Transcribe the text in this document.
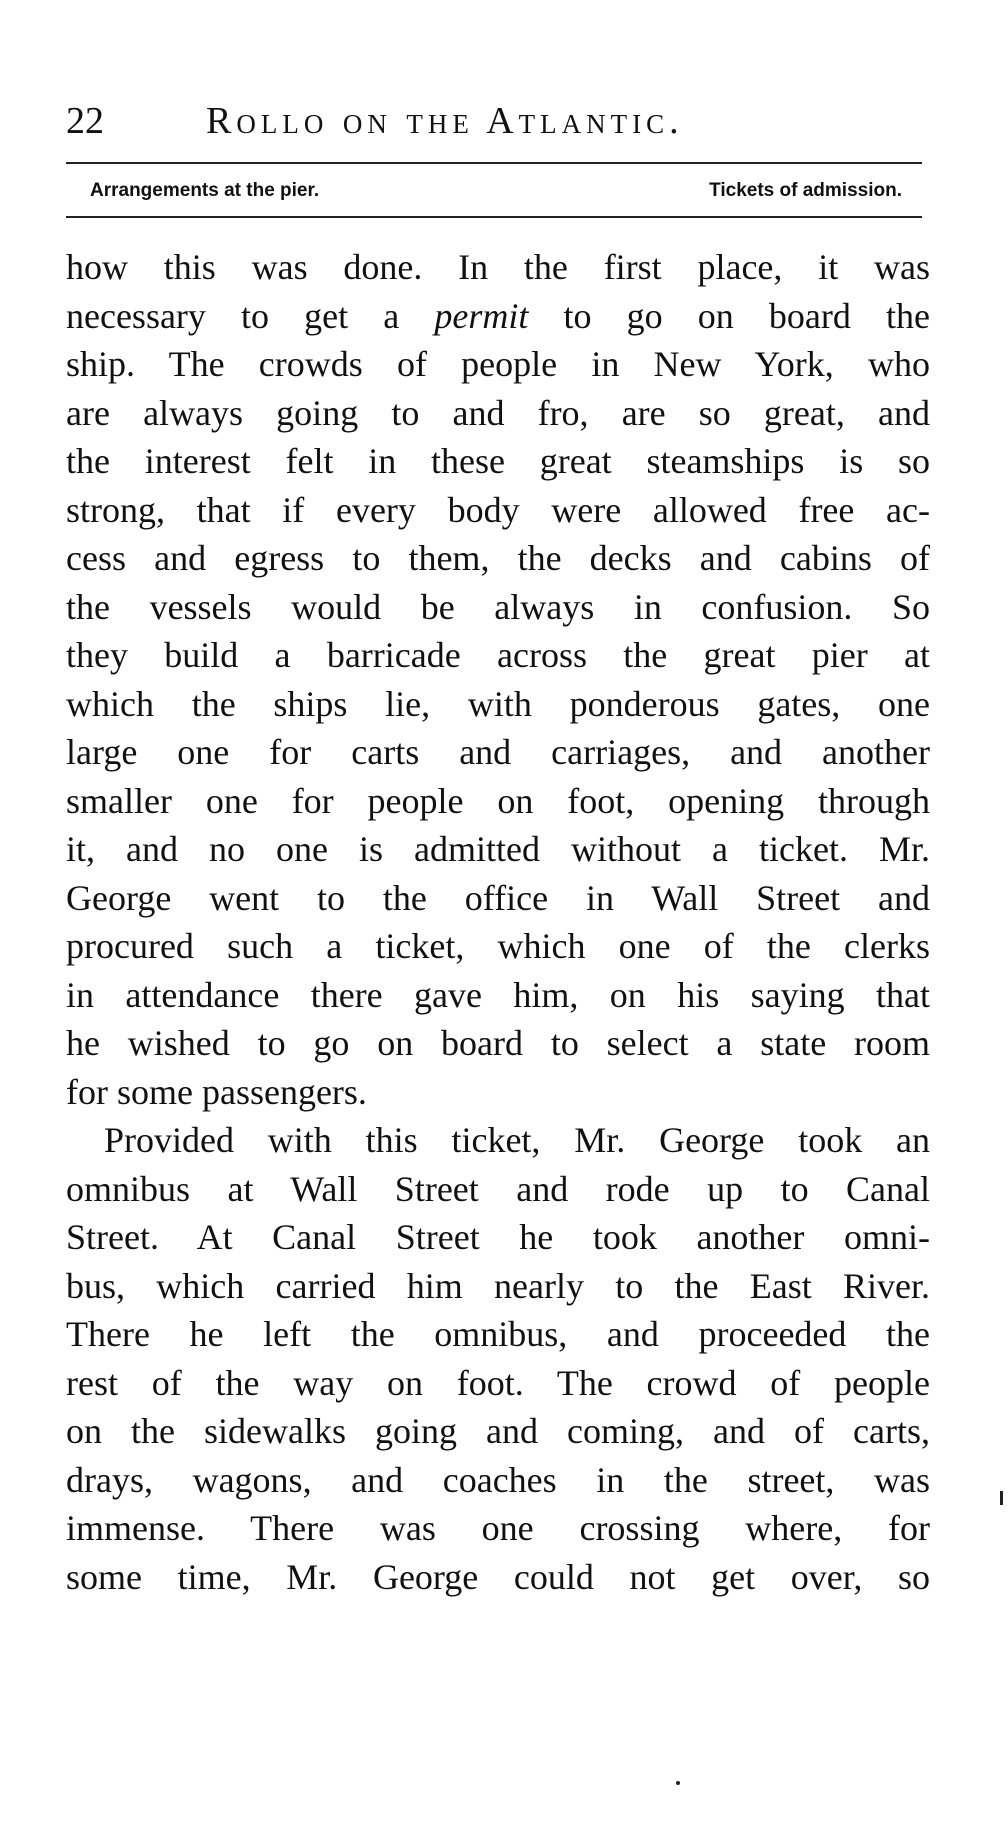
22	Rollo on the Atlantic.
Arrangements at the pier.	Tickets of admission.
how this was done. In the first place, it was
necessary to get a permit to go on board the
ship. The crowds of people in New York, who
are always going to and fro, are so great, and
the interest felt in these great steamships is so
strong, that if every body were allowed free ac-
cess and egress to them, the decks and cabins of
the vessels would be always in confusion. So
they build a barricade across the great pier at
which the ships lie, with ponderous gates, one
large one for carts and carriages, and another
smaller one for people on foot, opening through
it, and no one is admitted without a ticket. Mr.
George went to the office in Wall Street and
procured such a ticket, which one of the clerks
in attendance there gave him, on his saying that
he wished to go on board to select a state room
for some passengers.
Provided with this ticket, Mr. George took an
omnibus at Wall Street and rode up to Canal
Street. At Canal Street he took another omni-
bus, which carried him nearly to the East River.
There he left the omnibus, and proceeded the
rest of the way on foot. The crowd of people
on the sidewalks going and coming, and of carts,
drays, wagons, and coaches in the street, was
immense. There was one crossing where, for
some time, Mr. George could not get over, so
